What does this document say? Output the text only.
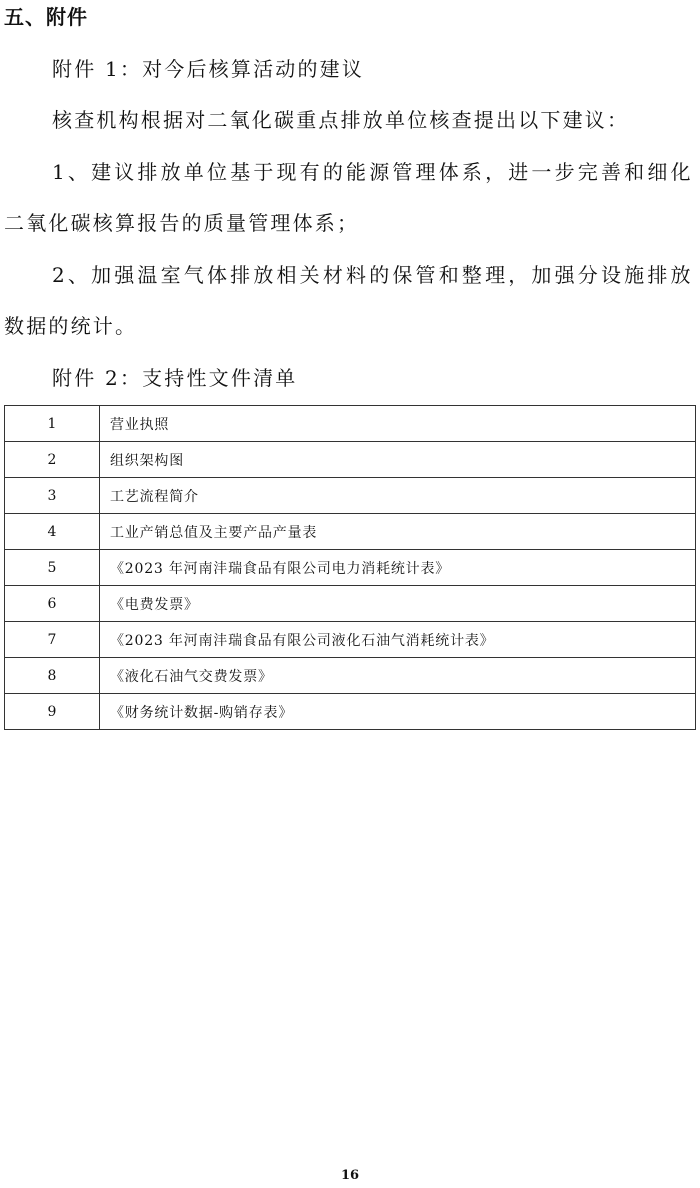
五、附件
附件 1：对今后核算活动的建议
核查机构根据对二氧化碳重点排放单位核查提出以下建议：
1、建议排放单位基于现有的能源管理体系，进一步完善和细化
二氧化碳核算报告的质量管理体系；
2、加强温室气体排放相关材料的保管和整理，加强分设施排放
数据的统计。
附件 2：支持性文件清单
1	营业执照
2	组织架构图
3	工艺流程简介
4	工业产销总值及主要产品产量表
5	《2023 年河南沣瑞食品有限公司电力消耗统计表》
6	《电费发票》
7	《2023 年河南沣瑞食品有限公司液化石油气消耗统计表》
8	《液化石油气交费发票》
9	《财务统计数据-购销存表》
16
